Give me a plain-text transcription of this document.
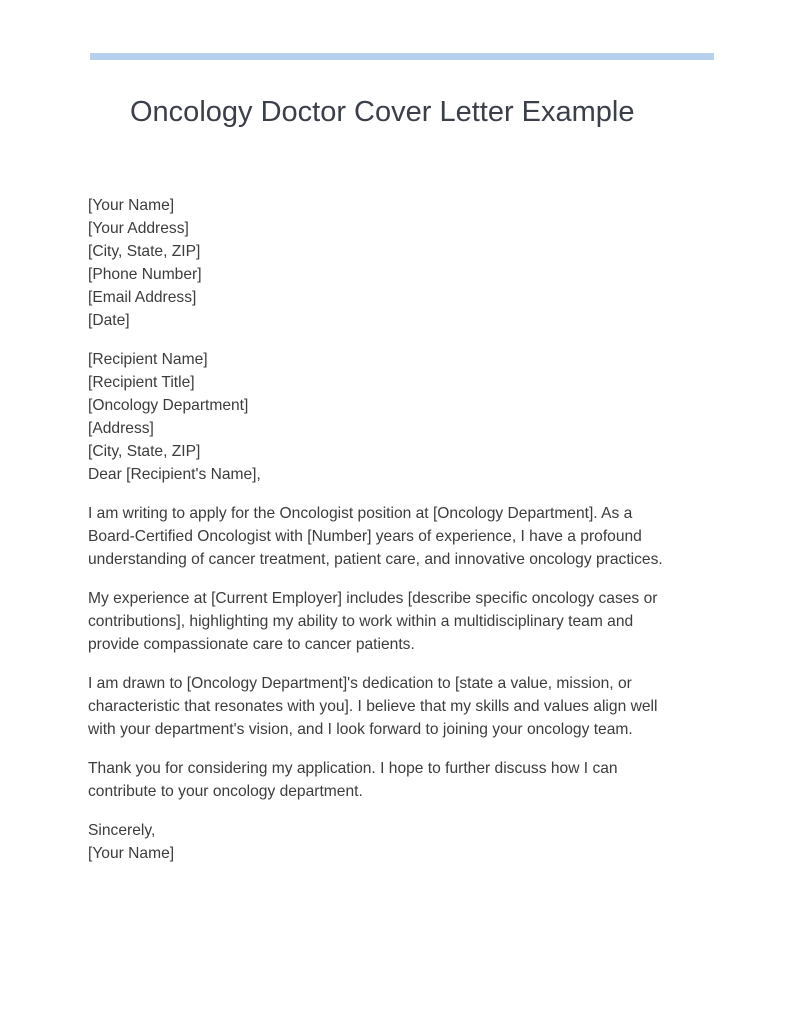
Oncology Doctor Cover Letter Example
[Your Name]
[Your Address]
[City, State, ZIP]
[Phone Number]
[Email Address]
[Date]
[Recipient Name]
[Recipient Title]
[Oncology Department]
[Address]
[City, State, ZIP]
Dear [Recipient's Name],
I am writing to apply for the Oncologist position at [Oncology Department]. As a
Board-Certified Oncologist with [Number] years of experience, I have a profound
understanding of cancer treatment, patient care, and innovative oncology practices.
My experience at [Current Employer] includes [describe specific oncology cases or
contributions], highlighting my ability to work within a multidisciplinary team and
provide compassionate care to cancer patients.
I am drawn to [Oncology Department]'s dedication to [state a value, mission, or
characteristic that resonates with you]. I believe that my skills and values align well
with your department's vision, and I look forward to joining your oncology team.
Thank you for considering my application. I hope to further discuss how I can
contribute to your oncology department.
Sincerely,
[Your Name]
